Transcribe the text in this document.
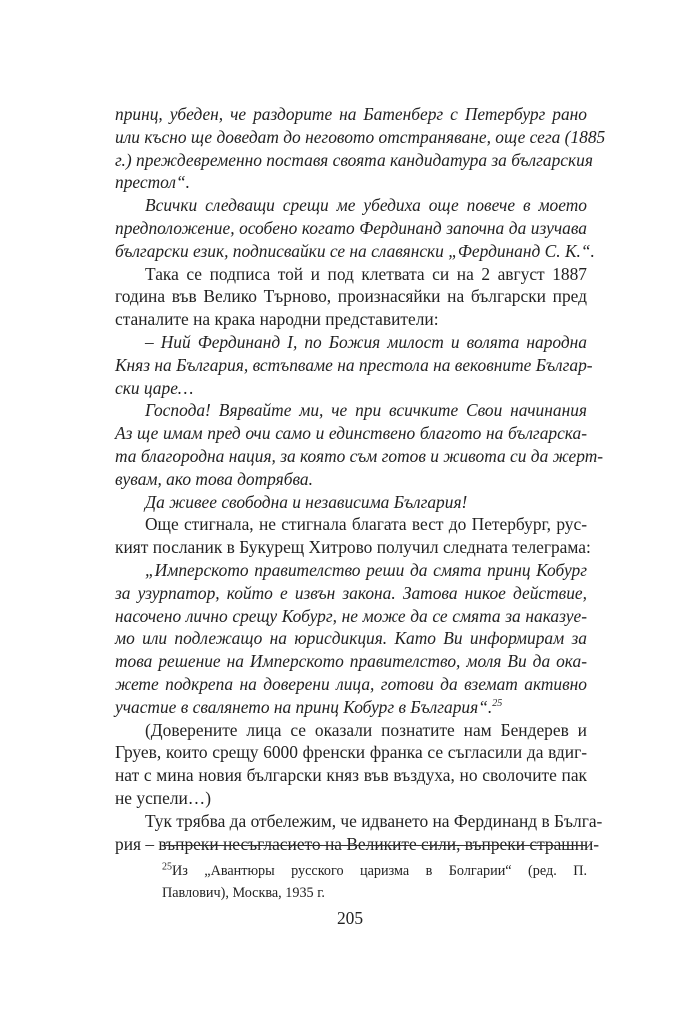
принц, убеден, че раздорите на Батенберг с Петербург рано
или късно ще доведат до неговото отстраняване, още сега (1885
г.) преждевременно поставя своята кандидатура за българския
престол“.

Всички следващи срещи ме убедиха още повече в моето
предположение, особено когато Фердинанд започна да изучава
български език, подписвайки се на славянски „Фердинанд С. К.“.

Така се подписа той и под клетвата си на 2 август 1887
година във Велико Търново, произнасяйки на български пред
станалите на крака народни представители:

– Ний Фердинанд I, по Божия милост и волята народна
Княз на България, встъпваме на престола на вековните Българ-
ски царе…

Господа! Вярвайте ми, че при всичките Свои начинания
Аз ще имам пред очи само и единствено благото на българска-
та благородна нация, за която съм готов и живота си да жерт-
вувам, ако това дотрябва.

Да живее свободна и независима България!

Още стигнала, не стигнала благата вест до Петербург, рус-
кият посланик в Букурещ Хитрово получил следната телеграма:

„Имперското правителство реши да смята принц Кобург
за узурпатор, който е извън закона. Затова никое действие,
насочено лично срещу Кобург, не може да се смята за наказуе-
мо или подлежащо на юрисдикция. Като Ви информирам за
това решение на Имперското правителство, моля Ви да ока-
жете подкрепа на доверени лица, готови да вземат активно
участие в свалянето на принц Кобург в България“.$^{25}$

(Доверените лица се оказали познатите нам Бендерев и
Груев, които срещу 6000 френски франка се съгласили да вдиг-
нат с мина новия български княз във въздуха, но сволочите пак
не успели…)

Тук трябва да отбележим, че идването на Фердинанд в Бълга-
рия – въпреки несъгласието на Великите сили, въпреки страшни-

$^{25}$Из „Авантюры русского царизма в Болгарии“ (ред. П.
Павлович), Москва, 1935 г.
205
